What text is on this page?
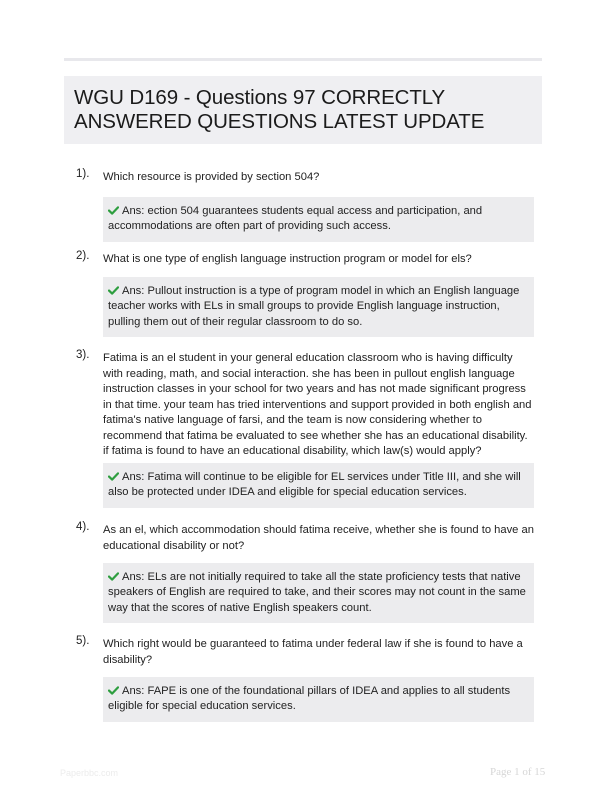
WGU D169 - Questions 97 CORRECTLY ANSWERED QUESTIONS LATEST UPDATE
1). Which resource is provided by section 504?
Ans: ection 504 guarantees students equal access and participation, and accommodations are often part of providing such access.
2). What is one type of english language instruction program or model for els?
Ans: Pullout instruction is a type of program model in which an English language teacher works with ELs in small groups to provide English language instruction, pulling them out of their regular classroom to do so.
3). Fatima is an el student in your general education classroom who is having difficulty with reading, math, and social interaction. she has been in pullout english language instruction classes in your school for two years and has not made significant progress in that time. your team has tried interventions and support provided in both english and fatima's native language of farsi, and the team is now considering whether to recommend that fatima be evaluated to see whether she has an educational disability. if fatima is found to have an educational disability, which law(s) would apply?
Ans: Fatima will continue to be eligible for EL services under Title III, and she will also be protected under IDEA and eligible for special education services.
4). As an el, which accommodation should fatima receive, whether she is found to have an educational disability or not?
Ans: ELs are not initially required to take all the state proficiency tests that native speakers of English are required to take, and their scores may not count in the same way that the scores of native English speakers count.
5). Which right would be guaranteed to fatima under federal law if she is found to have a disability?
Ans: FAPE is one of the foundational pillars of IDEA and applies to all students eligible for special education services.
Paperbbc.com	Page 1 of 15
